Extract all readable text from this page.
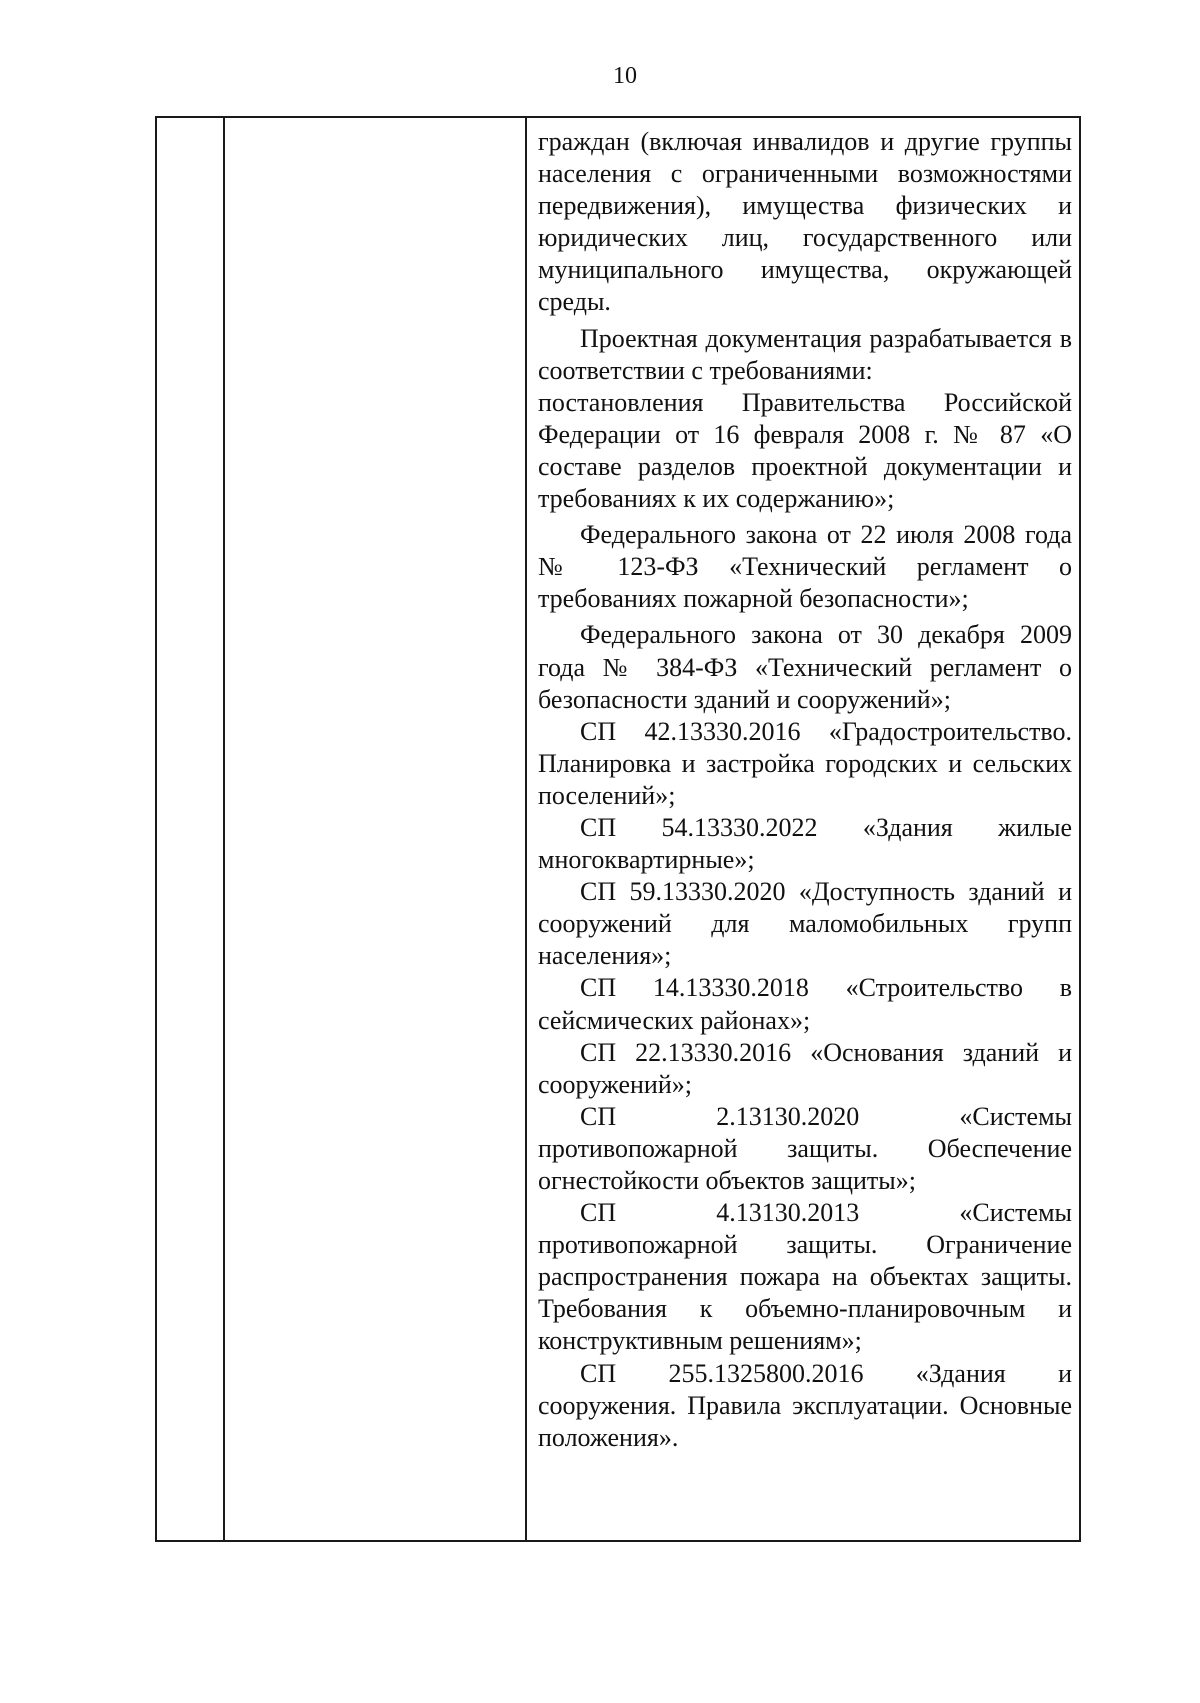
10

граждан (включая инвалидов и другие группы населения с ограниченными возможностями передвижения), имущества физических и юридических лиц, государственного или муниципального имущества, окружающей среды.

Проектная документация разрабатывается в соответствии с требованиями:

постановления Правительства Российской Федерации от 16 февраля 2008 г. № 87 «О составе разделов проектной документации и требованиях к их содержанию»;

Федерального закона от 22 июля 2008 года № 123-ФЗ «Технический регламент о требованиях пожарной безопасности»;

Федерального закона от 30 декабря 2009 года № 384-ФЗ «Технический регламент о безопасности зданий и сооружений»;

СП 42.13330.2016 «Градостроительство. Планировка и застройка городских и сельских поселений»;

СП 54.13330.2022 «Здания жилые многоквартирные»;

СП 59.13330.2020 «Доступность зданий и сооружений для маломобильных групп населения»;

СП 14.13330.2018 «Строительство в сейсмических районах»;

СП 22.13330.2016 «Основания зданий и сооружений»;

СП 2.13130.2020 «Системы противопожарной защиты. Обеспечение огнестойкости объектов защиты»;

СП 4.13130.2013 «Системы противопожарной защиты. Ограничение распространения пожара на объектах защиты. Требования к объемно-планировочным и конструктивным решениям»;

СП 255.1325800.2016 «Здания и сооружения. Правила эксплуатации. Основные положения».
